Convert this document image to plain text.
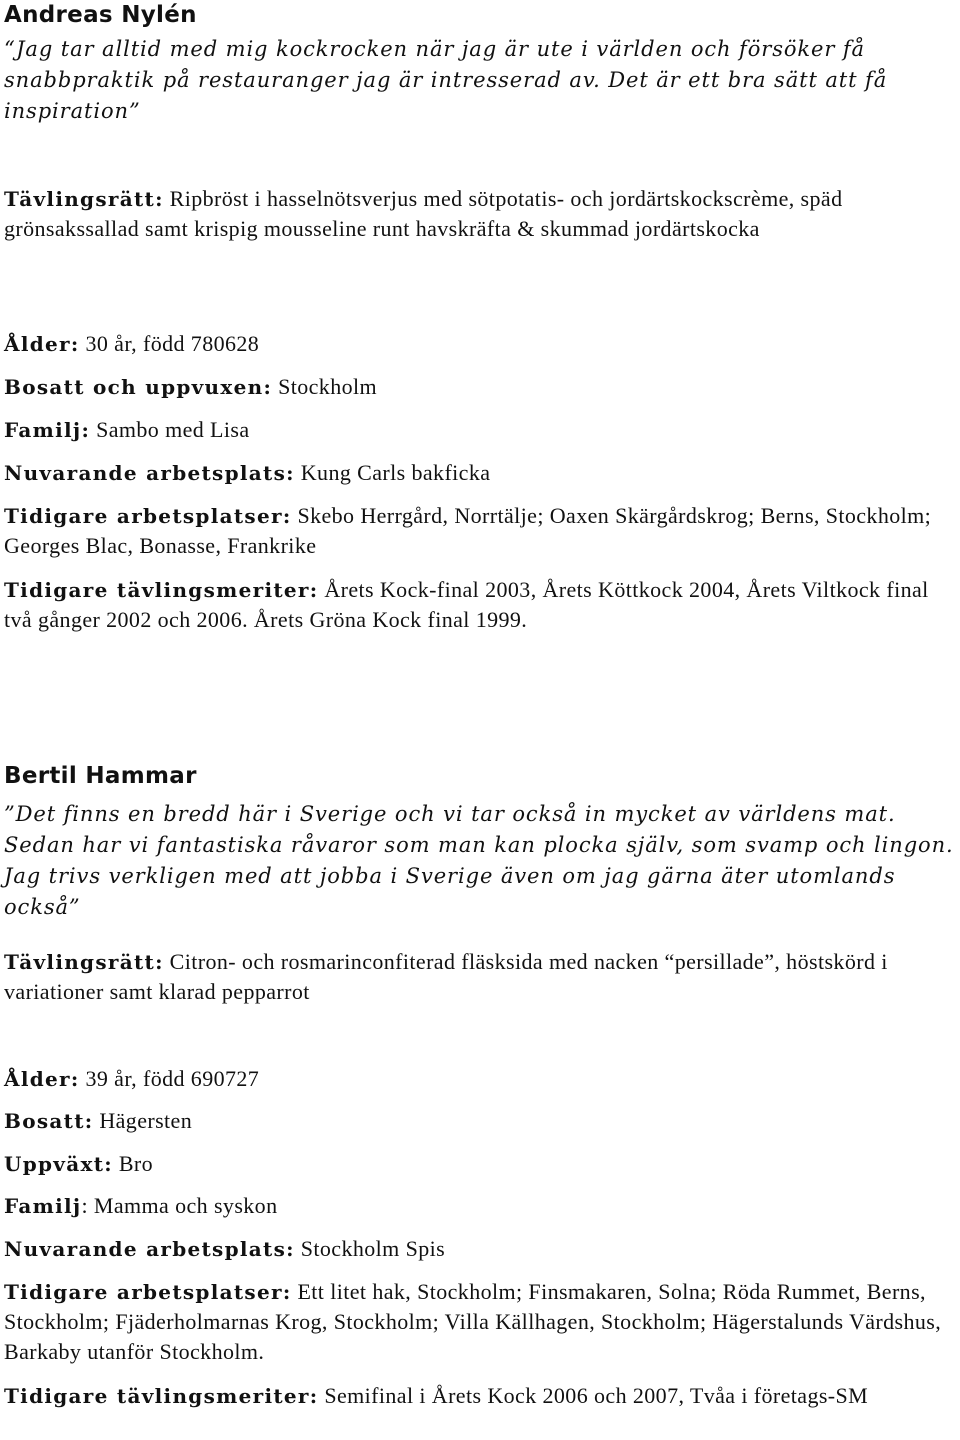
Andreas Nylén
“Jag tar alltid med mig kockrocken när jag är ute i världen och försöker få snabbpraktik på restauranger jag är intresserad av. Det är ett bra sätt att få inspiration”
Tävlingsrätt: Ripbröst i hasselnötsverjus med sötpotatis- och jordärtskockscrème, späd grönsakssallad samt krispig mousseline runt havskräfta & skummad jordärtskocka
Ålder: 30 år, född 780628
Bosatt och uppvuxen: Stockholm
Familj: Sambo med Lisa
Nuvarande arbetsplats: Kung Carls bakficka
Tidigare arbetsplatser: Skebo Herrgård, Norrtälje; Oaxen Skärgårdskrog; Berns, Stockholm; Georges Blac, Bonasse, Frankrike
Tidigare tävlingsmeriter: Årets Kock-final 2003, Årets Köttkock 2004, Årets Viltkock final två gånger 2002 och 2006. Årets Gröna Kock final 1999.
Bertil Hammar
”Det finns en bredd här i Sverige och vi tar också in mycket av världens mat. Sedan har vi fantastiska råvaror som man kan plocka själv, som svamp och lingon. Jag trivs verkligen med att jobba i Sverige även om jag gärna äter utomlands också”
Tävlingsrätt: Citron- och rosmarinconfiterad fläsksida med nacken “persillade”, höstskörd i variationer samt klarad pepparrot
Ålder: 39 år, född 690727
Bosatt: Hägersten
Uppväxt: Bro
Familj: Mamma och syskon
Nuvarande arbetsplats: Stockholm Spis
Tidigare arbetsplatser: Ett litet hak, Stockholm; Finsmakaren, Solna; Röda Rummet, Berns, Stockholm; Fjäderholmarnas Krog, Stockholm; Villa Källhagen, Stockholm; Hägerstalunds Värdshus, Barkaby utanför Stockholm.
Tidigare tävlingsmeriter: Semifinal i Årets Kock 2006 och 2007, Tvåa i företags-SM
